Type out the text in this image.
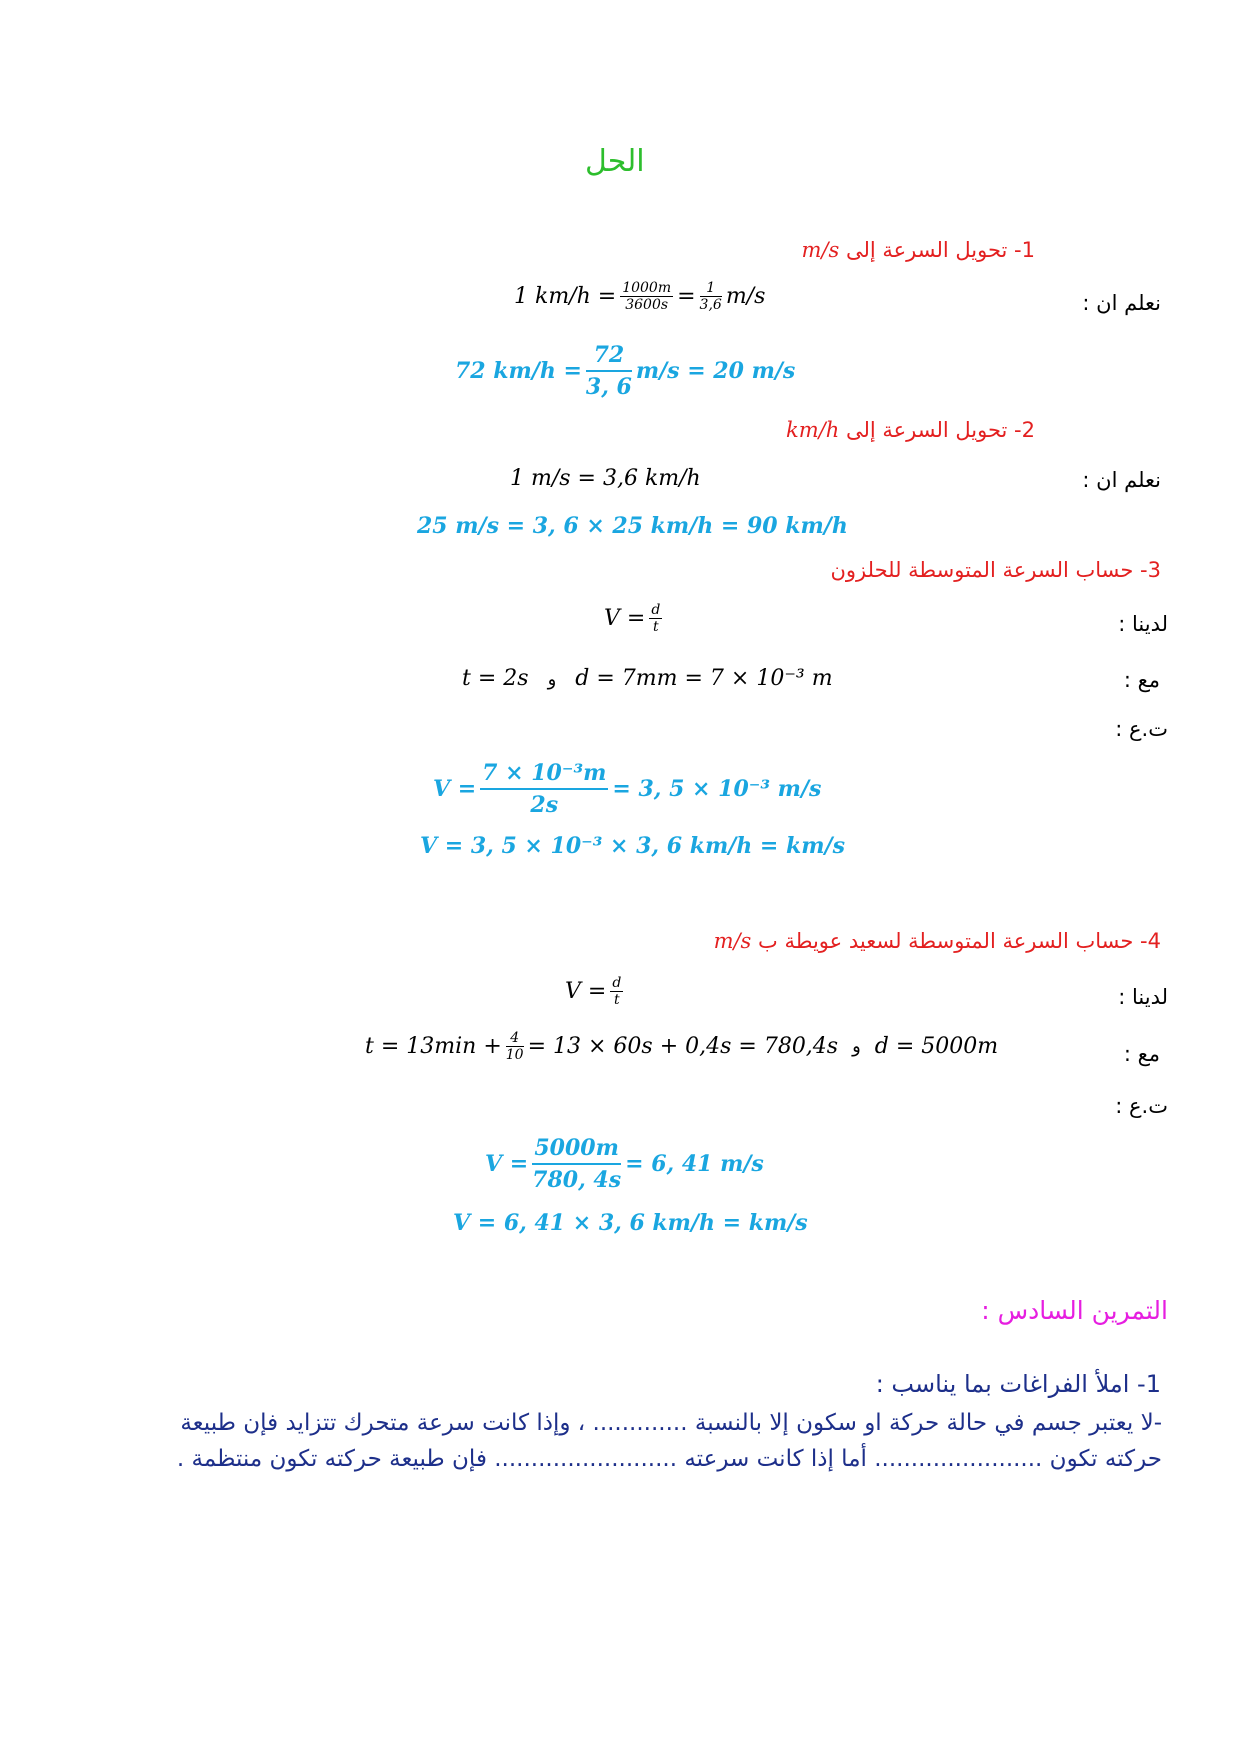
الحل
1- تحويل السرعة إلى m/s
نعلم ان :
1 $km/h = \frac{1000m}{3600s} = \frac{1}{3,6} m/s$
72 $km/h = \frac{72}{3, 6} m/s = 20$ m/s
2- تحويل السرعة إلى km/h
نعلم ان :
1 m/s = 3,6 km/h
25 m/s = 3, 6 × 25 km/h = 90 km/h
3- حساب السرعة المتوسطة للحلزون
لدينا :
$V = \frac{d}{t}$
مع :
t = 2s و d = 7mm = 7 × 10⁻³ m
ت.ع :
$V = \frac{\text{7 × 10⁻³m}}{2s} = 3$, 5 × 10⁻³ m/s
V = 3, 5 × 10⁻³ × 3, 6 km/h = km/s
4- حساب السرعة المتوسطة لسعيد عويطة ب m/s
لدينا :
$V = \frac{d}{t}$
مع :
$t = 13\min + \frac{4}{10} = 13 \times 60s + 0,4s = 780,4s$ و d = 5000m
ت.ع :
$V = \frac{5000m}{780, 4s} = 6$, 41 m/s
V = 6, 41 × 3, 6 km/h = km/s
التمرين السادس :
1- املأ الفراغات بما يناسب :
-لا يعتبر جسم في حالة حركة او سكون إلا بالنسبة ............. ، وإذا كانت سرعة متحرك تتزايد فإن طبيعة
حركته تكون ....................... أما إذا كانت سرعته ......................... فإن طبيعة حركته تكون منتظمة .
